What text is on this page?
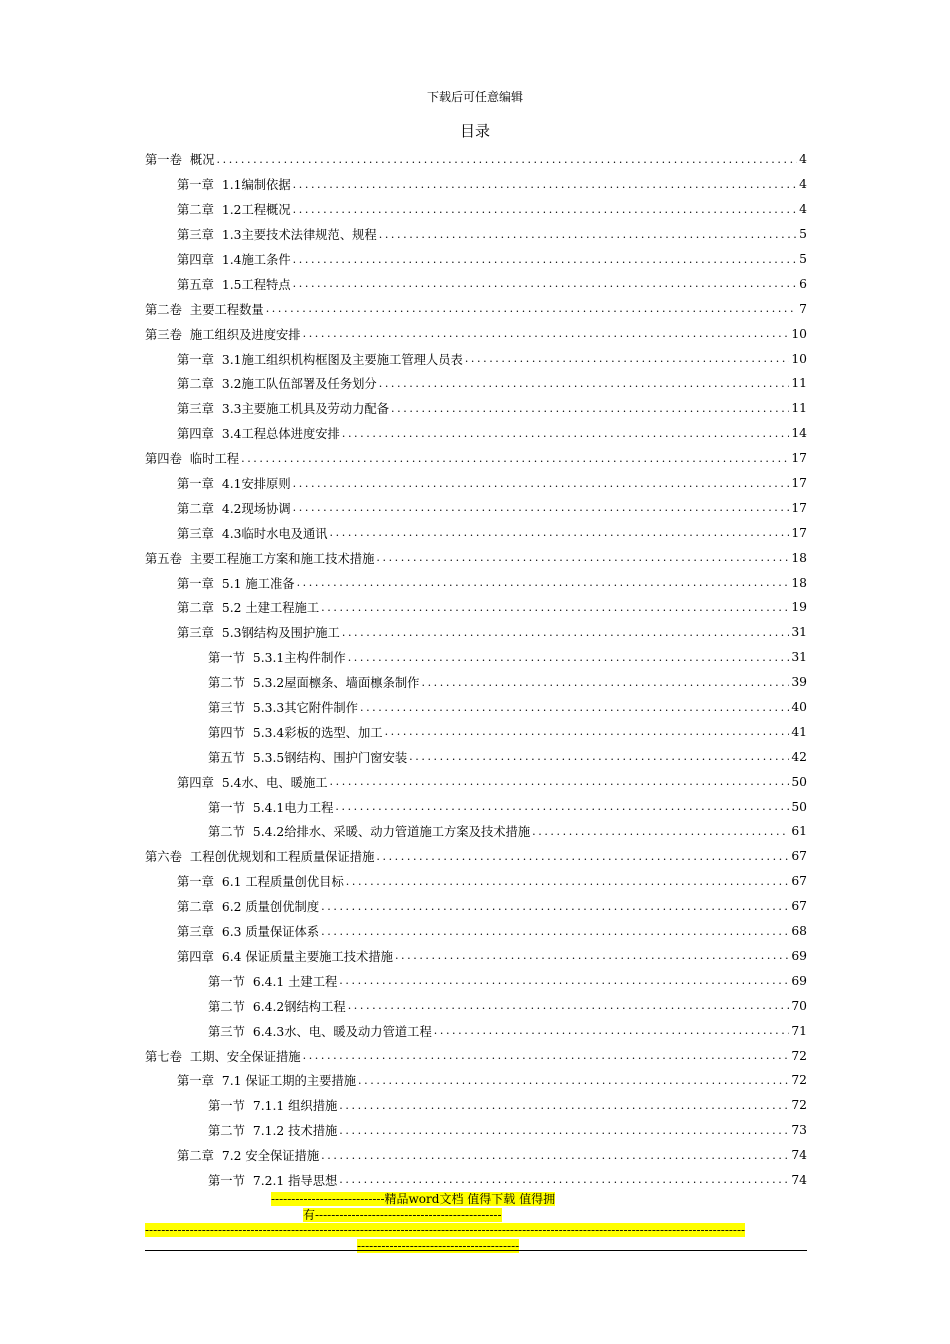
下载后可任意编辑
目录
第一卷 概况 .....	4
第一章 1.1编制依据 .....	4
第二章 1.2工程概况 .....	4
第三章 1.3主要技术法律规范、规程 .....	5
第四章 1.4施工条件 .....	5
第五章 1.5工程特点 .....	6
第二卷 主要工程数量 .....	7
第三卷 施工组织及进度安排 .....	10
第一章 3.1施工组织机构框图及主要施工管理人员表 .....	10
第二章 3.2施工队伍部署及任务划分 .....	11
第三章 3.3主要施工机具及劳动力配备 .....	11
第四章 3.4工程总体进度安排 .....	14
第四卷 临时工程 .....	17
第一章 4.1安排原则 .....	17
第二章 4.2现场协调 .....	17
第三章 4.3临时水电及通讯 .....	17
第五卷 主要工程施工方案和施工技术措施 .....	18
第一章 5.1 施工准备 .....	18
第二章 5.2 土建工程施工 .....	19
第三章 5.3钢结构及围护施工 .....	31
第一节 5.3.1主构件制作 .....	31
第二节 5.3.2屋面檩条、墙面檩条制作 .....	39
第三节 5.3.3其它附件制作 .....	40
第四节 5.3.4彩板的选型、加工 .....	41
第五节 5.3.5钢结构、围护门窗安装 .....	42
第四章 5.4水、电、暖施工 .....	50
第一节 5.4.1电力工程 .....	50
第二节 5.4.2给排水、采暖、动力管道施工方案及技术措施 .....	61
第六卷 工程创优规划和工程质量保证措施 .....	67
第一章 6.1 工程质量创优目标 .....	67
第二章 6.2 质量创优制度 .....	67
第三章 6.3 质量保证体系 .....	68
第四章 6.4 保证质量主要施工技术措施 .....	69
第一节 6.4.1 土建工程 .....	69
第二节 6.4.2钢结构工程 .....	70
第三节 6.4.3水、电、暖及动力管道工程 .....	71
第七卷 工期、安全保证措施 .....	72
第一章 7.1 保证工期的主要措施 .....	72
第一节 7.1.1 组织措施 .....	72
第二节 7.1.2 技术措施 .....	73
第二章 7.2 安全保证措施 .....	74
第一节 7.2.1 指导思想 .....	74
----------------------------精品word文档 值得下载 值得拥
有----------------------------------------------
----------------------------------------------------------------------------------------------------------------------------------------------------
----------------------------------------
